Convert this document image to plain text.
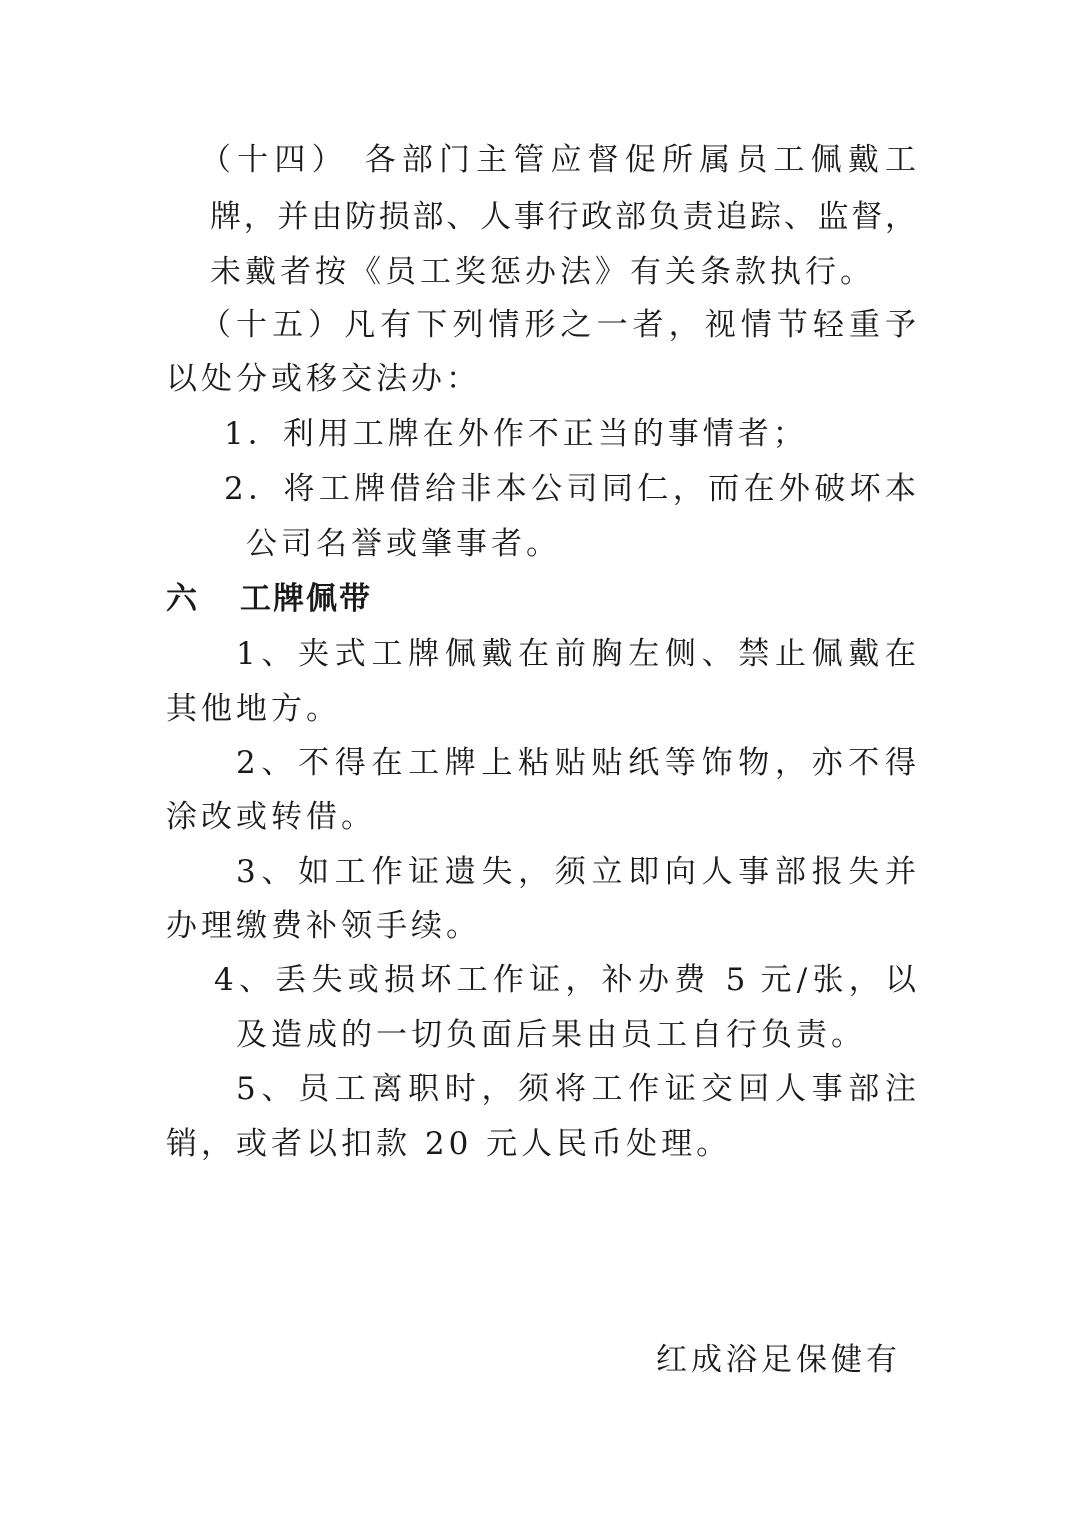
（十四） 各部门主管应督促所属员工佩戴工
牌，并由防损部、人事行政部负责追踪、监督，
未戴者按《员工奖惩办法》有关条款执行。
（十五）凡有下列情形之一者，视情节轻重予
以处分或移交法办：
1．利用工牌在外作不正当的事情者；
2．将工牌借给非本公司同仁，而在外破坏本
公司名誉或肇事者。
六 工牌佩带
1、夹式工牌佩戴在前胸左侧、禁止佩戴在
其他地方。
2、不得在工牌上粘贴贴纸等饰物，亦不得
涂改或转借。
3、如工作证遗失，须立即向人事部报失并
办理缴费补领手续。
4、丢失或损坏工作证，补办费 5 元/张，以
及造成的一切负面后果由员工自行负责。
5、员工离职时，须将工作证交回人事部注
销，或者以扣款 20 元人民币处理。
红成浴足保健有
